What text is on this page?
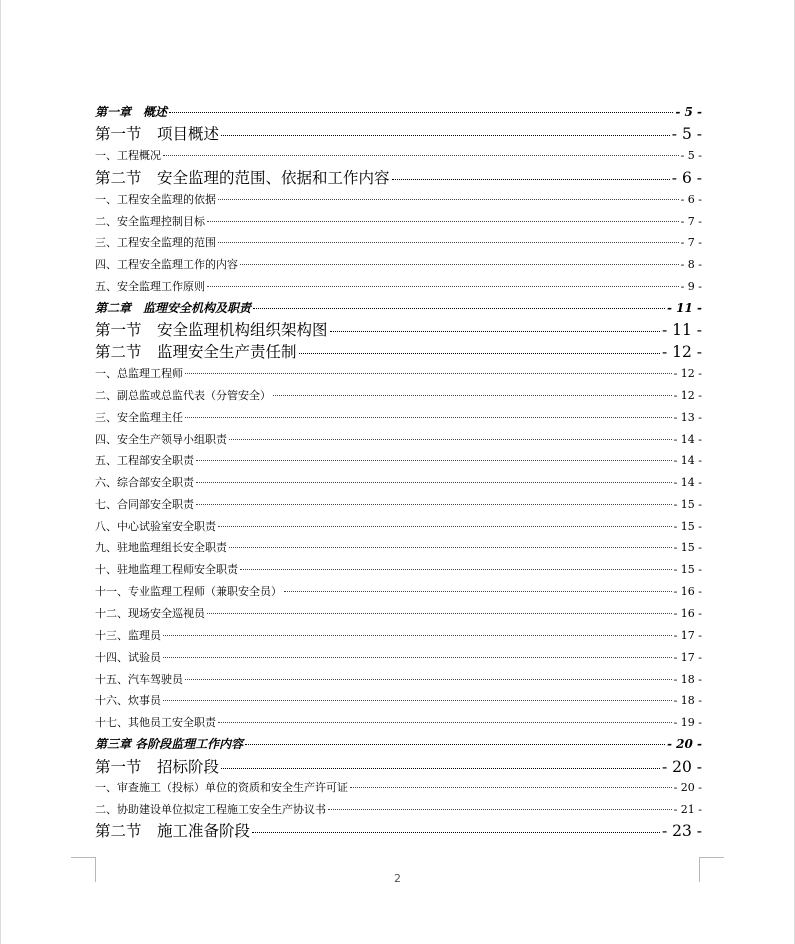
第一章　概述	- 5 -
第一节　项目概述	- 5 -
一、工程概况	- 5 -
第二节　安全监理的范围、依据和工作内容	- 6 -
一、工程安全监理的依据	- 6 -
二、安全监理控制目标	- 7 -
三、工程安全监理的范围	- 7 -
四、工程安全监理工作的内容	- 8 -
五、安全监理工作原则	- 9 -
第二章　监理安全机构及职责	- 11 -
第一节　安全监理机构组织架构图	- 11 -
第二节　监理安全生产责任制	- 12 -
一、总监理工程师	- 12 -
二、副总监或总监代表（分管安全）	- 12 -
三、安全监理主任	- 13 -
四、安全生产领导小组职责	- 14 -
五、工程部安全职责	- 14 -
六、综合部安全职责	- 14 -
七、合同部安全职责	- 15 -
八、中心试验室安全职责	- 15 -
九、驻地监理组长安全职责	- 15 -
十、驻地监理工程师安全职责	- 15 -
十一、专业监理工程师（兼职安全员）	- 16 -
十二、现场安全巡视员	- 16 -
十三、监理员	- 17 -
十四、试验员	- 17 -
十五、汽车驾驶员	- 18 -
十六、炊事员	- 18 -
十七、其他员工安全职责	- 19 -
第三章 各阶段监理工作内容	- 20 -
第一节　招标阶段	- 20 -
一、审查施工（投标）单位的资质和安全生产许可证	- 20 -
二、协助建设单位拟定工程施工安全生产协议书	- 21 -
第二节　施工准备阶段	- 23 -
2
